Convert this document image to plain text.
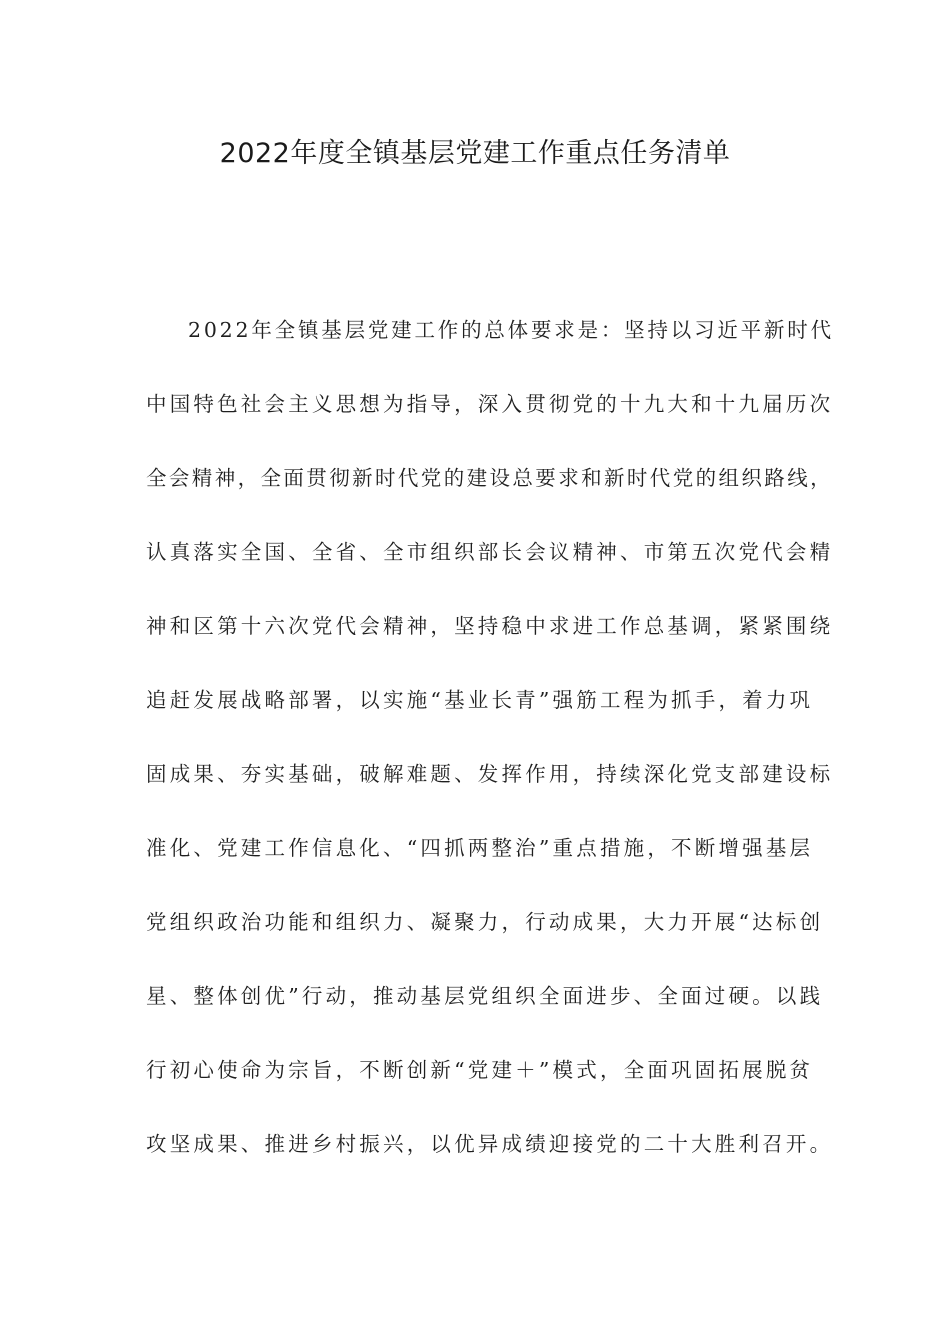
2022年度全镇基层党建工作重点任务清单

2022年全镇基层党建工作的总体要求是：坚持以习近平新时代

中国特色社会主义思想为指导，深入贯彻党的十九大和十九届历次

全会精神，全面贯彻新时代党的建设总要求和新时代党的组织路线，

认真落实全国、全省、全市组织部长会议精神、市第五次党代会精

神和区第十六次党代会精神，坚持稳中求进工作总基调，紧紧围绕

追赶发展战略部署，以实施“基业长青”强筋工程为抓手，着力巩

固成果、夯实基础，破解难题、发挥作用，持续深化党支部建设标

准化、党建工作信息化、“四抓两整治”重点措施，不断增强基层

党组织政治功能和组织力、凝聚力，行动成果，大力开展“达标创

星、整体创优”行动，推动基层党组织全面进步、全面过硬。以践

行初心使命为宗旨，不断创新“党建＋”模式，全面巩固拓展脱贫

攻坚成果、推进乡村振兴，以优异成绩迎接党的二十大胜利召开。
